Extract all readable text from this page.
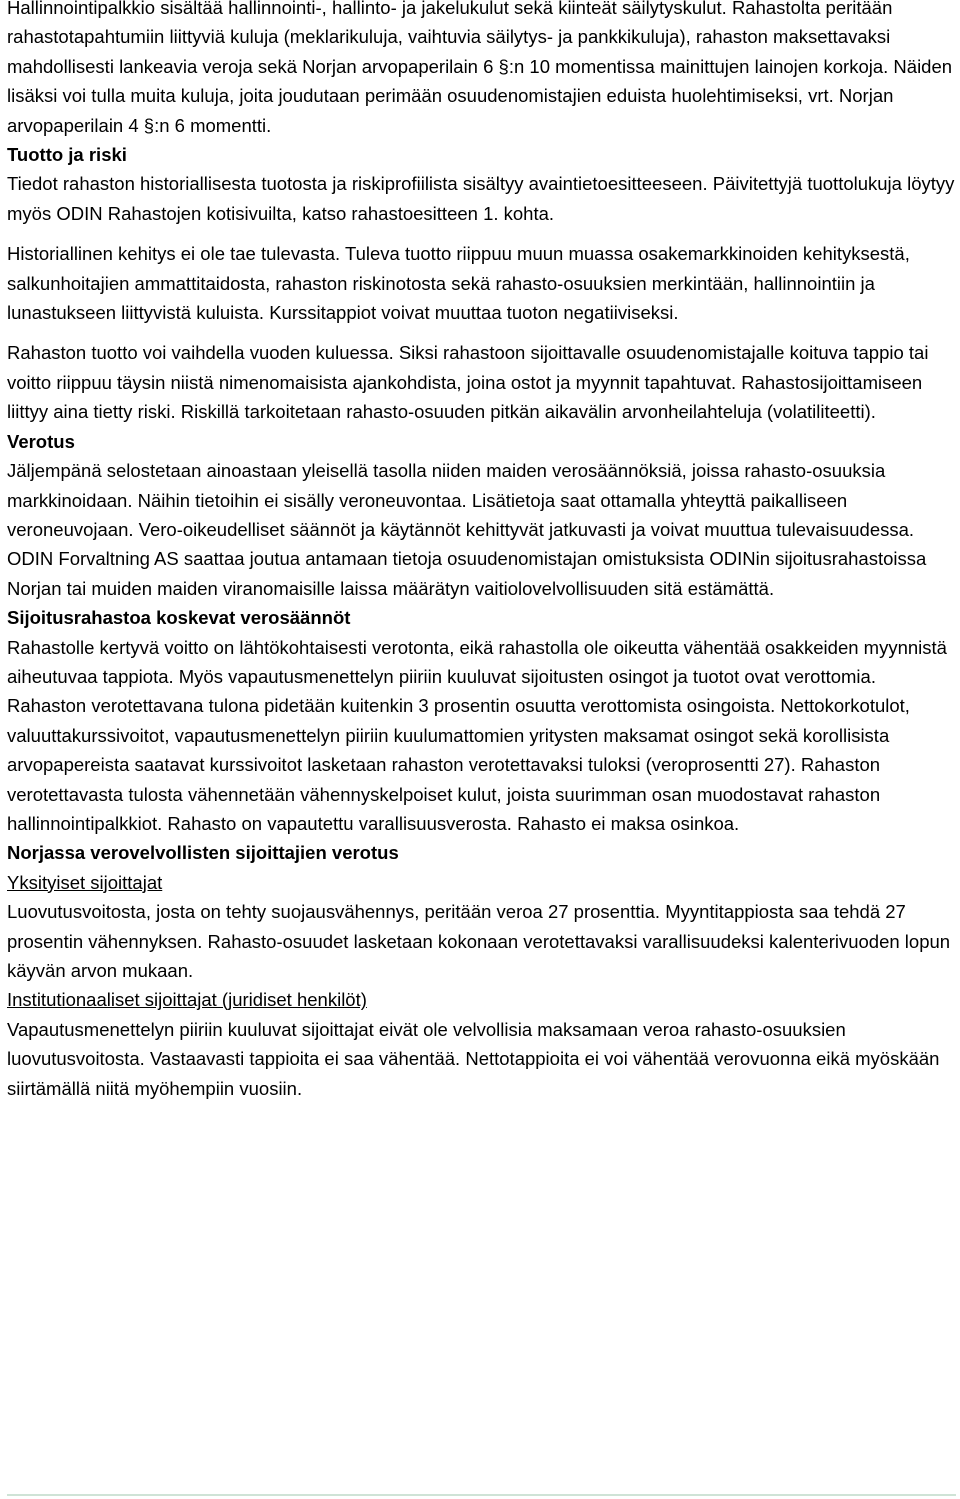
Hallinnointipalkkio sisältää hallinnointi-, hallinto- ja jakelukulut sekä kiinteät säilytyskulut. Rahastolta peritään rahastotapahtumiin liittyviä kuluja (meklarikuluja, vaihtuvia säilytys- ja pankkikuluja), rahaston maksettavaksi mahdollisesti lankeavia veroja sekä Norjan arvopaperilain 6 §:n 10 momentissa mainittujen lainojen korkoja. Näiden lisäksi voi tulla muita kuluja, joita joudutaan perimään osuudenomistajien eduista huolehtimiseksi, vrt. Norjan arvopaperilain 4 §:n 6 momentti.

Tuotto ja riski

Tiedot rahaston historiallisesta tuotosta ja riskiprofiilista sisältyy avaintietoesitteeseen. Päivitettyjä tuottolukuja löytyy myös ODIN Rahastojen kotisivuilta, katso rahastoesitteen 1. kohta.

Historiallinen kehitys ei ole tae tulevasta. Tuleva tuotto riippuu muun muassa osakemarkkinoiden kehityksestä, salkunhoitajien ammattitaidosta, rahaston riskinotosta sekä rahasto-osuuksien merkintään, hallinnointiin ja lunastukseen liittyvistä kuluista. Kurssitappiot voivat muuttaa tuoton negatiiviseksi.

Rahaston tuotto voi vaihdella vuoden kuluessa. Siksi rahastoon sijoittavalle osuudenomistajalle koituva tappio tai voitto riippuu täysin niistä nimenomaisista ajankohdista, joina ostot ja myynnit tapahtuvat. Rahastosijoittamiseen liittyy aina tietty riski. Riskillä tarkoitetaan rahasto-osuuden pitkän aikavälin arvonheilahteluja (volatiliteetti).

Verotus

Jäljempänä selostetaan ainoastaan yleisellä tasolla niiden maiden verosäännöksiä, joissa rahasto-osuuksia markkinoidaan. Näihin tietoihin ei sisälly veroneuvontaa. Lisätietoja saat ottamalla yhteyttä paikalliseen veroneuvojaan. Vero-oikeudelliset säännöt ja käytännöt kehittyvät jatkuvasti ja voivat muuttua tulevaisuudessa. ODIN Forvaltning AS saattaa joutua antamaan tietoja osuudenomistajan omistuksista ODINin sijoitusrahastoissa Norjan tai muiden maiden viranomaisille laissa määrätyn vaitiolovelvollisuuden sitä estämättä.

Sijoitusrahastoa koskevat verosäännöt

Rahastolle kertyvä voitto on lähtökohtaisesti verotonta, eikä rahastolla ole oikeutta vähentää osakkeiden myynnistä aiheutuvaa tappiota. Myös vapautusmenettelyn piiriin kuuluvat sijoitusten osingot ja tuotot ovat verottomia. Rahaston verotettavana tulona pidetään kuitenkin 3 prosentin osuutta verottomista osingoista. Nettokorkotulot, valuuttakurssivoitot, vapautusmenettelyn piiriin kuulumattomien yritysten maksamat osingot sekä korollisista arvopapereista saatavat kurssivoitot lasketaan rahaston verotettavaksi tuloksi (veroprosentti 27). Rahaston verotettavasta tulosta vähennetään vähennyskelpoiset kulut, joista suurimman osan muodostavat rahaston hallinnointipalkkiot. Rahasto on vapautettu varallisuusverosta. Rahasto ei maksa osinkoa.

Norjassa verovelvollisten sijoittajien verotus

Yksityiset sijoittajat

Luovutusvoitosta, josta on tehty suojausvähennys, peritään veroa 27 prosenttia. Myyntitappiosta saa tehdä 27 prosentin vähennyksen. Rahasto-osuudet lasketaan kokonaan verotettavaksi varallisuudeksi kalenterivuoden lopun käyvän arvon mukaan.

Institutionaaliset sijoittajat (juridiset henkilöt)

Vapautusmenettelyn piiriin kuuluvat sijoittajat eivät ole velvollisia maksamaan veroa rahasto-osuuksien luovutusvoitosta. Vastaavasti tappioita ei saa vähentää. Nettotappioita ei voi vähentää verovuonna eikä myöskään siirtämällä niitä myöhempiin vuosiin.
